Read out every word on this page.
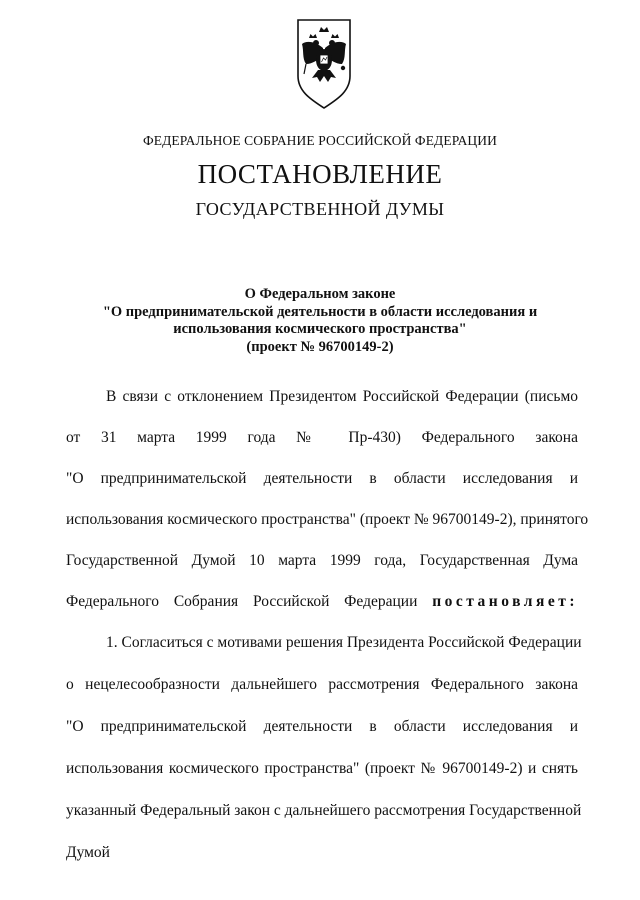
ФЕДЕРАЛЬНОЕ СОБРАНИЕ РОССИЙСКОЙ ФЕДЕРАЦИИ
ПОСТАНОВЛЕНИЕ
ГОСУДАРСТВЕННОЙ ДУМЫ
О Федеральном законе
"О предпринимательской деятельности в области исследования и
использования космического пространства"
(проект № 96700149-2)
В связи с отклонением Президентом Российской Федерации (письмо
от 31 марта 1999 года № Пр-430) Федерального закона
"О предпринимательской деятельности в области исследования и
использования космического пространства" (проект № 96700149-2), принятого
Государственной Думой 10 марта 1999 года, Государственная Дума
Федерального Собрания Российской Федерации постановляет:
1. Согласиться с мотивами решения Президента Российской Федерации
о нецелесообразности дальнейшего рассмотрения Федерального закона
"О предпринимательской деятельности в области исследования и
использования космического пространства" (проект № 96700149-2) и снять
указанный Федеральный закон с дальнейшего рассмотрения Государственной
Думой
